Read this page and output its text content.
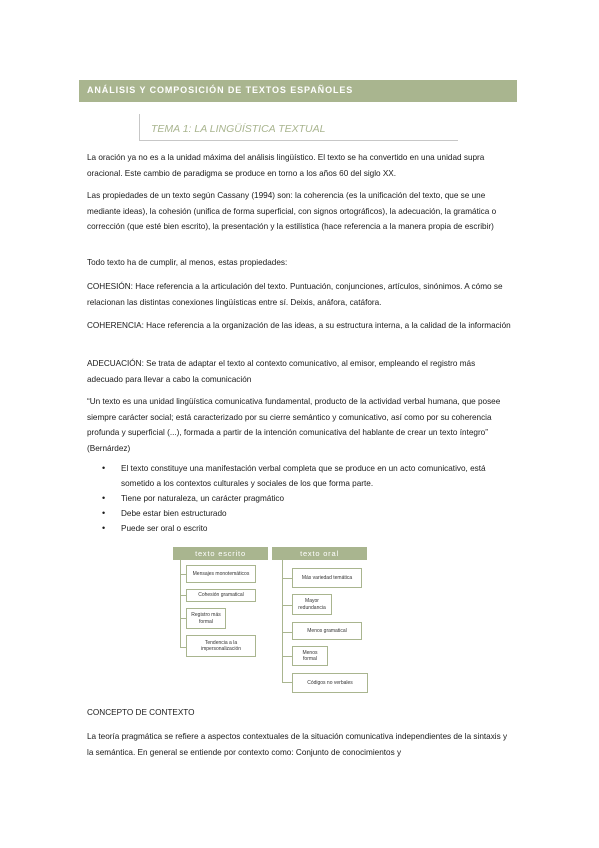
ANÁLISIS Y COMPOSICIÓN DE TEXTOS ESPAÑOLES
TEMA 1: LA LINGÜÍSTICA TEXTUAL

La oración ya no es a la unidad máxima del análisis lingüístico. El texto se ha convertido en una unidad supra oracional. Este cambio de paradigma se produce en torno a los años 60 del siglo XX.

Las propiedades de un texto según Cassany (1994) son: la coherencia (es la unificación del texto, que se une mediante ideas), la cohesión (unifica de forma superficial, con signos ortográficos), la adecuación, la gramática o corrección (que esté bien escrito), la presentación y la estilística (hace referencia a la manera propia de escribir)

Todo texto ha de cumplir, al menos, estas propiedades:

COHESIÓN: Hace referencia a la articulación del texto. Puntuación, conjunciones, artículos, sinónimos. A cómo se relacionan las distintas conexiones lingüísticas entre sí. Deixis, anáfora, catáfora.

COHERENCIA: Hace referencia a la organización de las ideas, a su estructura interna, a la calidad de la información

ADECUACIÓN: Se trata de adaptar el texto al contexto comunicativo, al emisor, empleando el registro más adecuado para llevar a cabo la comunicación

“Un texto es una unidad lingüística comunicativa fundamental, producto de la actividad verbal humana, que posee siempre carácter social; está caracterizado por su cierre semántico y comunicativo, así como por su coherencia profunda y superficial (...), formada a partir de la intención comunicativa del hablante de crear un texto íntegro” (Bernárdez)

• El texto constituye una manifestación verbal completa que se produce en un acto comunicativo, está sometido a los contextos culturales y sociales de los que forma parte.
• Tiene por naturaleza, un carácter pragmático
• Debe estar bien estructurado
• Puede ser oral o escrito
texto escrito
Mensajes monotemáticos
Cohesión gramatical
Registro más formal
Tendencia a la impersonalización
texto oral
Más variedad temática
Mayor redundancia
Menos gramatical
Menos formal
Códigos no verbales

CONCEPTO DE CONTEXTO

La teoría pragmática se refiere a aspectos contextuales de la situación comunicativa independientes de la sintaxis y la semántica. En general se entiende por contexto como: Conjunto de conocimientos y
